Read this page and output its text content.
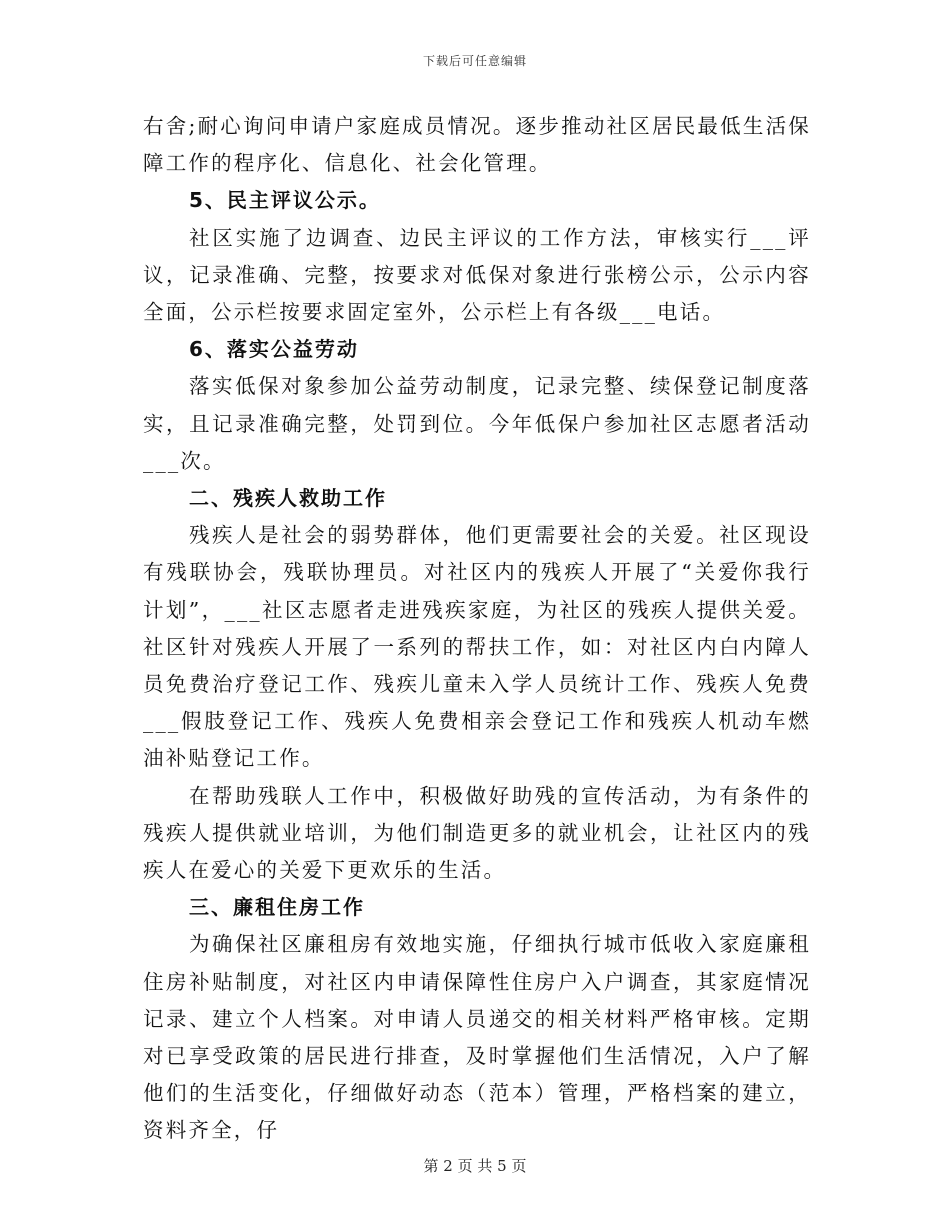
下载后可任意编辑

右舍;耐心询问申请户家庭成员情况。逐步推动社区居民最低生活保障工作的程序化、信息化、社会化管理。

5、民主评议公示。

社区实施了边调查、边民主评议的工作方法，审核实行___评议，记录准确、完整，按要求对低保对象进行张榜公示，公示内容全面，公示栏按要求固定室外，公示栏上有各级___电话。

6、落实公益劳动

落实低保对象参加公益劳动制度，记录完整、续保登记制度落实，且记录准确完整，处罚到位。今年低保户参加社区志愿者活动___次。

二、残疾人救助工作

残疾人是社会的弱势群体，他们更需要社会的关爱。社区现设有残联协会，残联协理员。对社区内的残疾人开展了“关爱你我行计划”，___社区志愿者走进残疾家庭，为社区的残疾人提供关爱。社区针对残疾人开展了一系列的帮扶工作，如：对社区内白内障人员免费治疗登记工作、残疾儿童未入学人员统计工作、残疾人免费___假肢登记工作、残疾人免费相亲会登记工作和残疾人机动车燃油补贴登记工作。

在帮助残联人工作中，积极做好助残的宣传活动，为有条件的残疾人提供就业培训，为他们制造更多的就业机会，让社区内的残疾人在爱心的关爱下更欢乐的生活。

三、廉租住房工作

为确保社区廉租房有效地实施，仔细执行城市低收入家庭廉租住房补贴制度，对社区内申请保障性住房户入户调查，其家庭情况记录、建立个人档案。对申请人员递交的相关材料严格审核。定期对已享受政策的居民进行排查，及时掌握他们生活情况，入户了解他们的生活变化，仔细做好动态（范本）管理，严格档案的建立，资料齐全，仔

第 2 页 共 5 页
